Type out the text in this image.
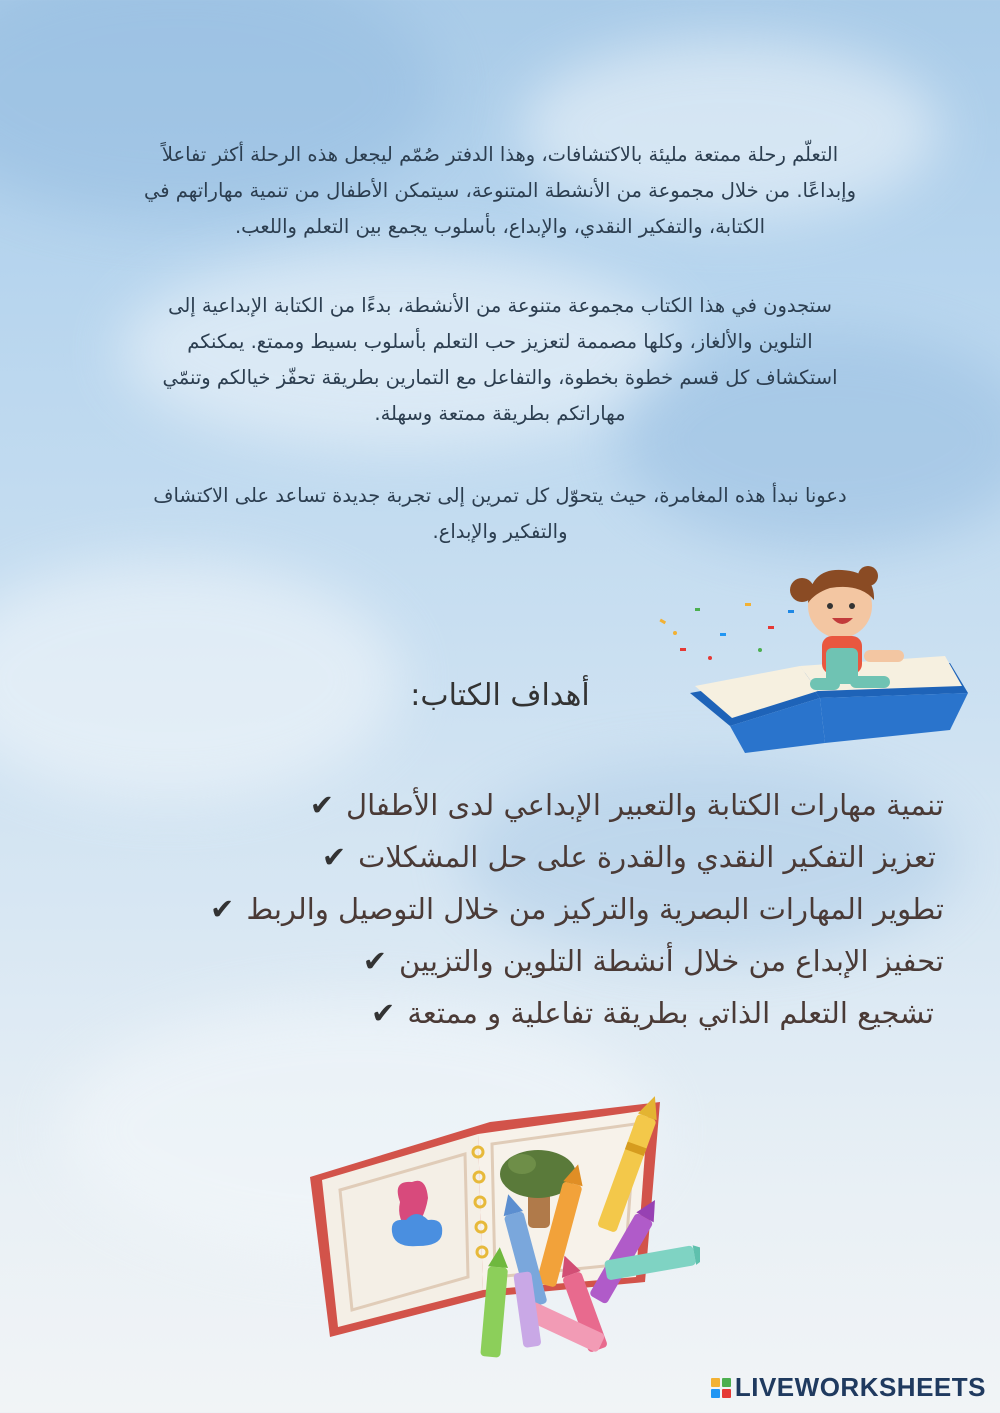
التعلّم رحلة ممتعة مليئة بالاكتشافات، وهذا الدفتر صُمّم ليجعل هذه الرحلة أكثر تفاعلاً
وإبداعًا. من خلال مجموعة من الأنشطة المتنوعة، سيتمكن الأطفال من تنمية مهاراتهم في
الكتابة، والتفكير النقدي، والإبداع، بأسلوب يجمع بين التعلم واللعب.
ستجدون في هذا الكتاب مجموعة متنوعة من الأنشطة، بدءًا من الكتابة الإبداعية إلى
التلوين والألغاز، وكلها مصممة لتعزيز حب التعلم بأسلوب بسيط وممتع. يمكنكم
استكشاف كل قسم خطوة بخطوة، والتفاعل مع التمارين بطريقة تحفّز خيالكم وتنمّي
مهاراتكم بطريقة ممتعة وسهلة.
دعونا نبدأ هذه المغامرة، حيث يتحوّل كل تمرين إلى تجربة جديدة تساعد على الاكتشاف
والتفكير والإبداع.
أهداف الكتاب:
تنمية مهارات الكتابة والتعبير الإبداعي لدى الأطفال✔
تعزيز التفكير النقدي والقدرة على حل المشكلات✔
تطوير المهارات البصرية والتركيز من خلال التوصيل والربط✔
تحفيز الإبداع من خلال أنشطة التلوين والتزيين✔
تشجيع التعلم الذاتي بطريقة تفاعلية و ممتعة✔
LIVEWORKSHEETS
